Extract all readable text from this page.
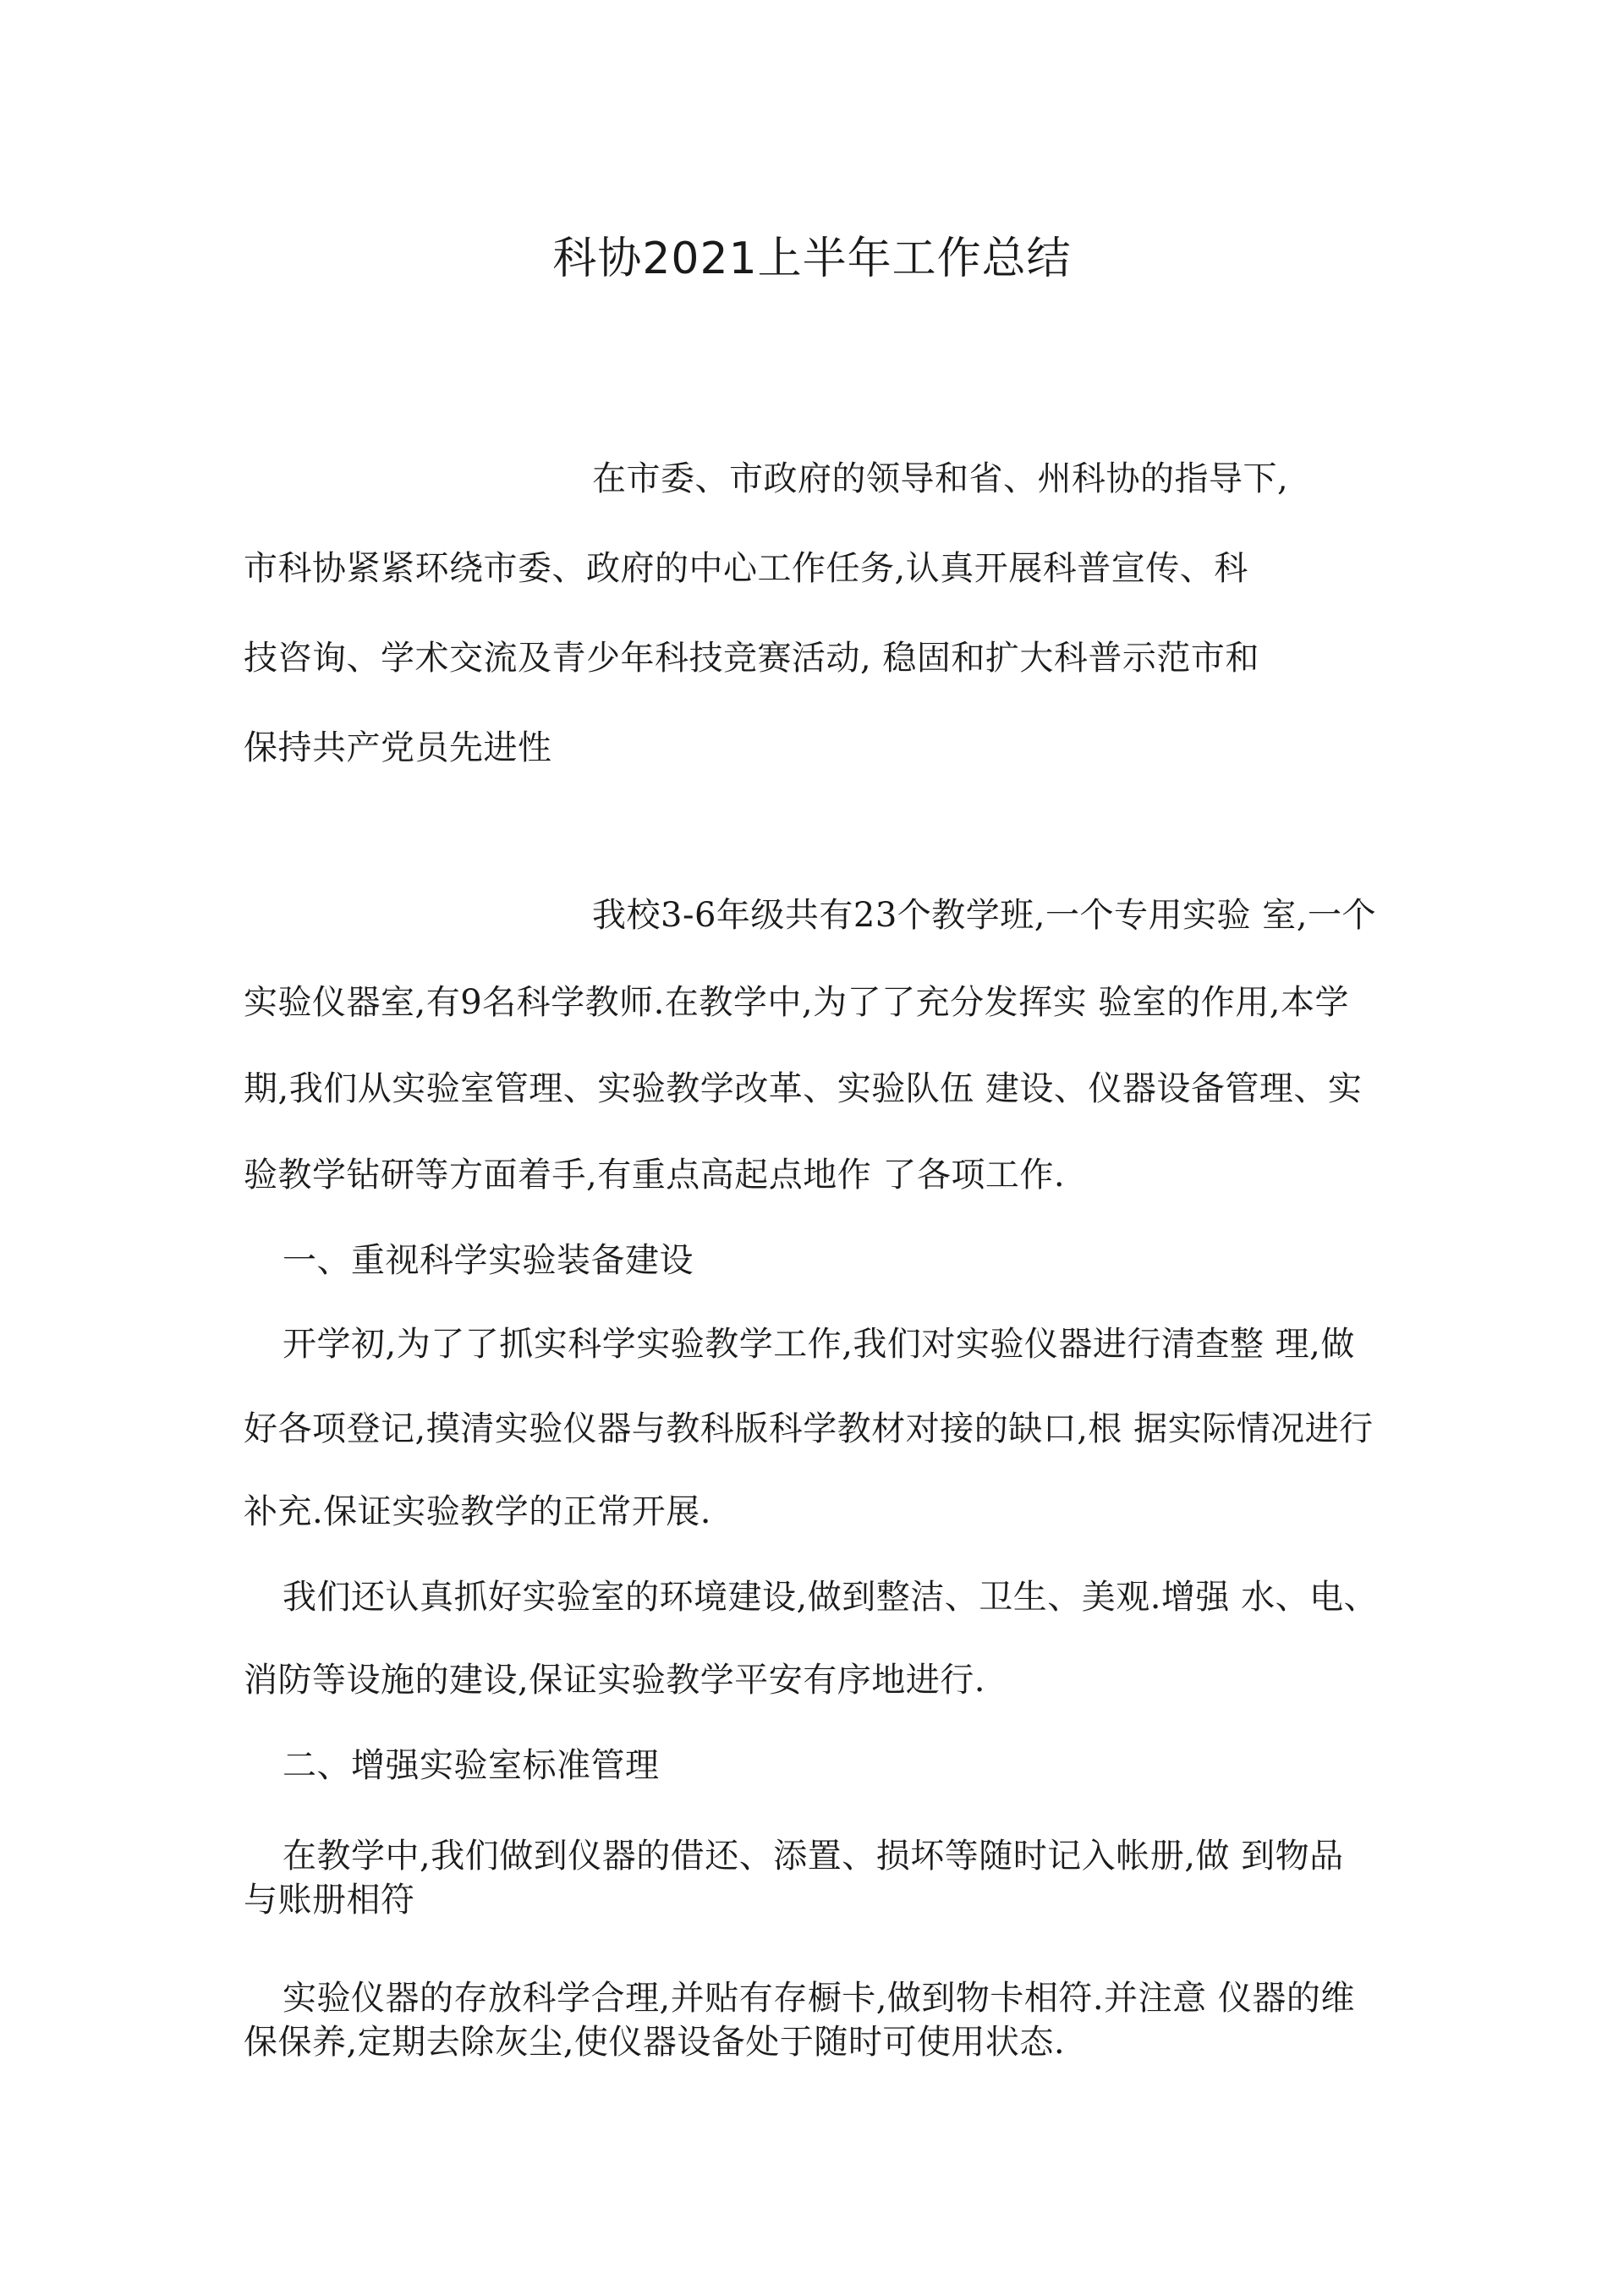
科协2021上半年工作总结
在市委、市政府的领导和省、州科协的指导下,
市科协紧紧环绕市委、政府的中心工作任务,认真开展科普宣传、科
技咨询、学术交流及青少年科技竞赛活动, 稳固和扩大科普示范市和
保持共产党员先进性
我校3-6年级共有23个教学班,一个专用实验 室,一个
实验仪器室,有9名科学教师.在教学中,为了了充分发挥实 验室的作用,本学
期,我们从实验室管理、实验教学改革、实验队伍 建设、仪器设备管理、实
验教学钻研等方面着手,有重点高起点地作 了各项工作.
一、重视科学实验装备建设
开学初,为了了抓实科学实验教学工作,我们对实验仪器进行清查整 理,做
好各项登记,摸清实验仪器与教科版科学教材对接的缺口,根 据实际情况进行
补充.保证实验教学的正常开展.
我们还认真抓好实验室的环境建设,做到整洁、卫生、美观.增强 水、电、
消防等设施的建设,保证实验教学平安有序地进行.
二、增强实验室标准管理
在教学中,我们做到仪器的借还、添置、损坏等随时记入帐册,做 到物品
与账册相符
实验仪器的存放科学合理,并贴有存橱卡,做到物卡相符.并注意 仪器的维
保保养,定期去除灰尘,使仪器设备处于随时可使用状态.
